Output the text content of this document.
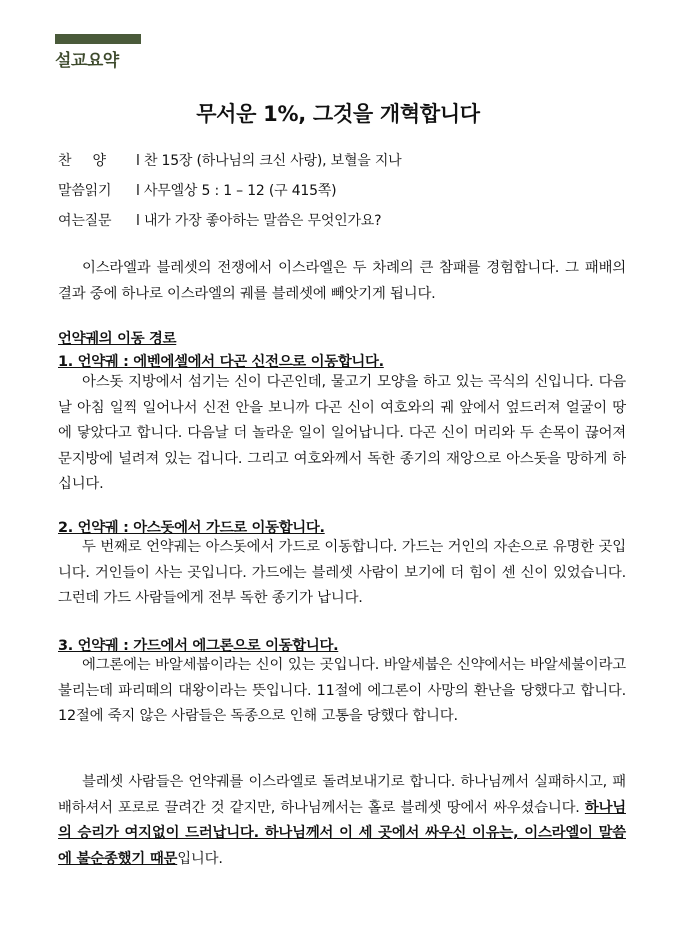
설교요약
무서운 1%, 그것을 개혁합니다
찬양 l 찬 15장 (하나님의 크신 사랑), 보혈을 지나
말씀읽기 l 사무엘상 5 : 1 – 12 (구 415쪽)
여는질문 l 내가 가장 좋아하는 말씀은 무엇인가요?
이스라엘과 블레셋의 전쟁에서 이스라엘은 두 차례의 큰 참패를 경험합니다. 그 패배의 결과 중에 하나로 이스라엘의 궤를 블레셋에 빼앗기게 됩니다.
언약궤의 이동 경로
1. 언약궤 : 에벤에셀에서 다곤 신전으로 이동합니다.
아스돗 지방에서 섬기는 신이 다곤인데, 물고기 모양을 하고 있는 곡식의 신입니다. 다음날 아침 일찍 일어나서 신전 안을 보니까 다곤 신이 여호와의 궤 앞에서 엎드러져 얼굴이 땅에 닿았다고 합니다. 다음날 더 놀라운 일이 일어납니다. 다곤 신이 머리와 두 손목이 끊어져 문지방에 널려져 있는 겁니다. 그리고 여호와께서 독한 종기의 재앙으로 아스돗을 망하게 하십니다.
2. 언약궤 : 아스돗에서 가드로 이동합니다.
두 번째로 언약궤는 아스돗에서 가드로 이동합니다. 가드는 거인의 자손으로 유명한 곳입니다. 거인들이 사는 곳입니다. 가드에는 블레셋 사람이 보기에 더 힘이 센 신이 있었습니다. 그런데 가드 사람들에게 전부 독한 종기가 납니다.
3. 언약궤 : 가드에서 에그론으로 이동합니다.
에그론에는 바알세붑이라는 신이 있는 곳입니다. 바알세붑은 신약에서는 바알세불이라고 불리는데 파리떼의 대왕이라는 뜻입니다. 11절에 에그론이 사망의 환난을 당했다고 합니다. 12절에 죽지 않은 사람들은 독종으로 인해 고통을 당했다 합니다.
블레셋 사람들은 언약궤를 이스라엘로 돌려보내기로 합니다. 하나님께서 실패하시고, 패배하셔서 포로로 끌려간 것 같지만, 하나님께서는 홀로 블레셋 땅에서 싸우셨습니다. 하나님의 승리가 여지없이 드러납니다. 하나님께서 이 세 곳에서 싸우신 이유는, 이스라엘이 말씀에 불순종했기 때문입니다.
